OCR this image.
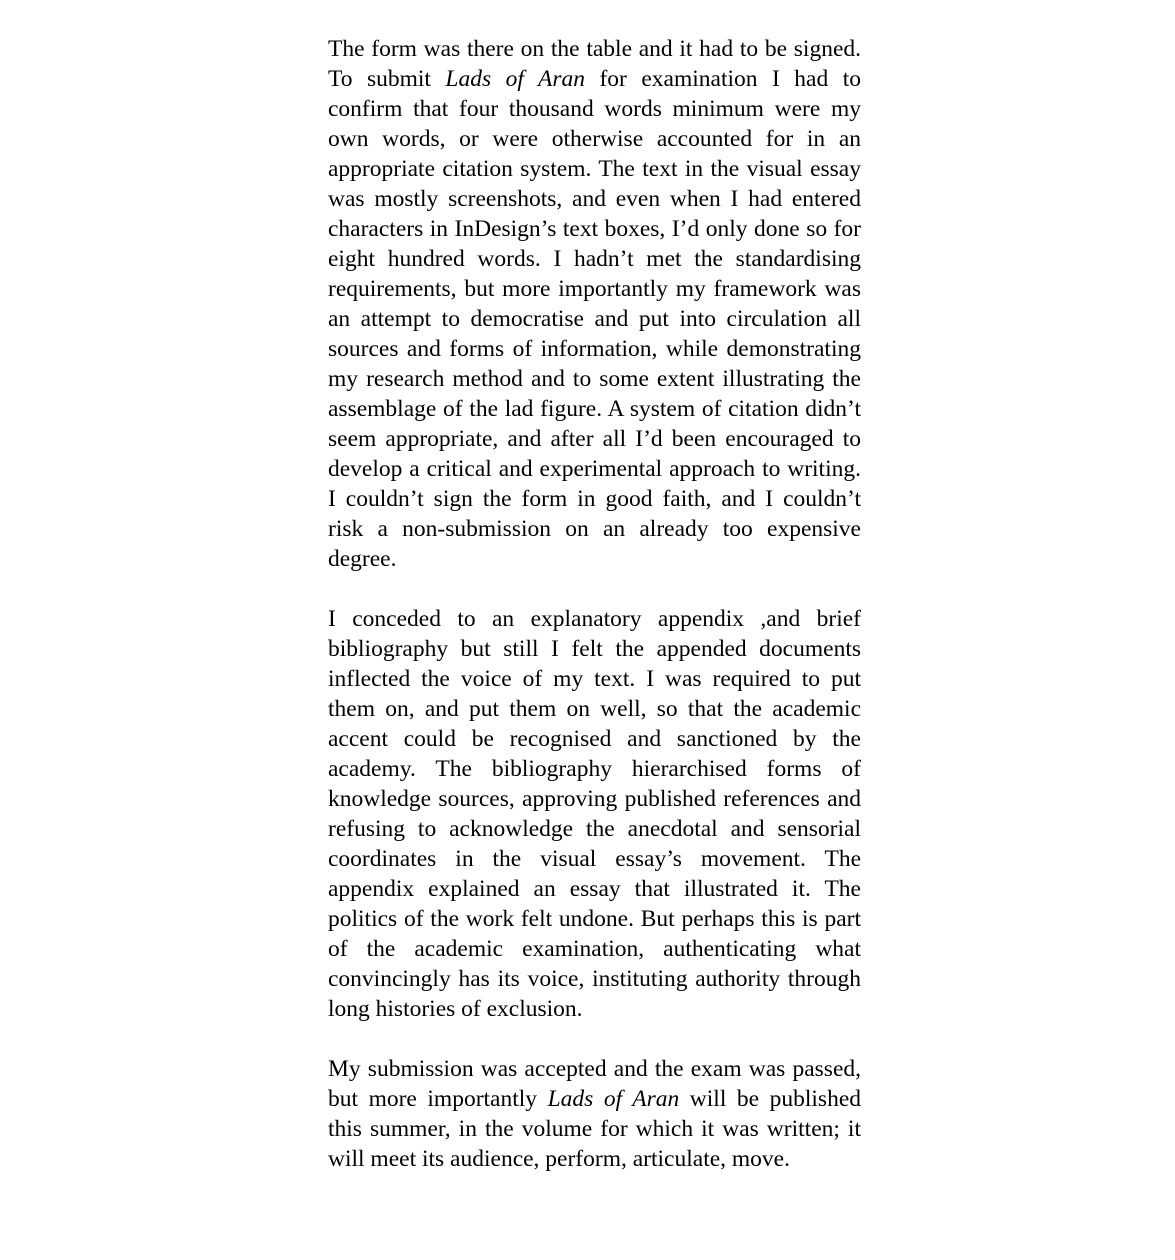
The form was there on the table and it had to be signed. To submit Lads of Aran for examination I had to confirm that four thousand words minimum were my own words, or were otherwise accounted for in an appropriate citation system. The text in the visual essay was mostly screenshots, and even when I had entered characters in InDesign’s text boxes, I’d only done so for eight hundred words. I hadn’t met the standardising requirements, but more importantly my framework was an attempt to democratise and put into circulation all sources and forms of information, while demonstrating my research method and to some extent illustrating the assemblage of the lad figure. A system of citation didn’t seem appropriate, and after all I’d been encouraged to develop a critical and experimental approach to writing. I couldn’t sign the form in good faith, and I couldn’t risk a non-submission on an already too expensive degree.

I conceded to an explanatory appendix ,and brief bibliography but still I felt the appended documents inflected the voice of my text. I was required to put them on, and put them on well, so that the academic accent could be recognised and sanctioned by the academy. The bibliography hierarchised forms of knowledge sources, approving published references and refusing to acknowledge the anecdotal and sensorial coordinates in the visual essay’s movement. The appendix explained an essay that illustrated it. The politics of the work felt undone. But perhaps this is part of the academic examination, authenticating what convincingly has its voice, instituting authority through long histories of exclusion.

My submission was accepted and the exam was passed, but more importantly Lads of Aran will be published this summer, in the volume for which it was written; it will meet its audience, perform, articulate, move.
